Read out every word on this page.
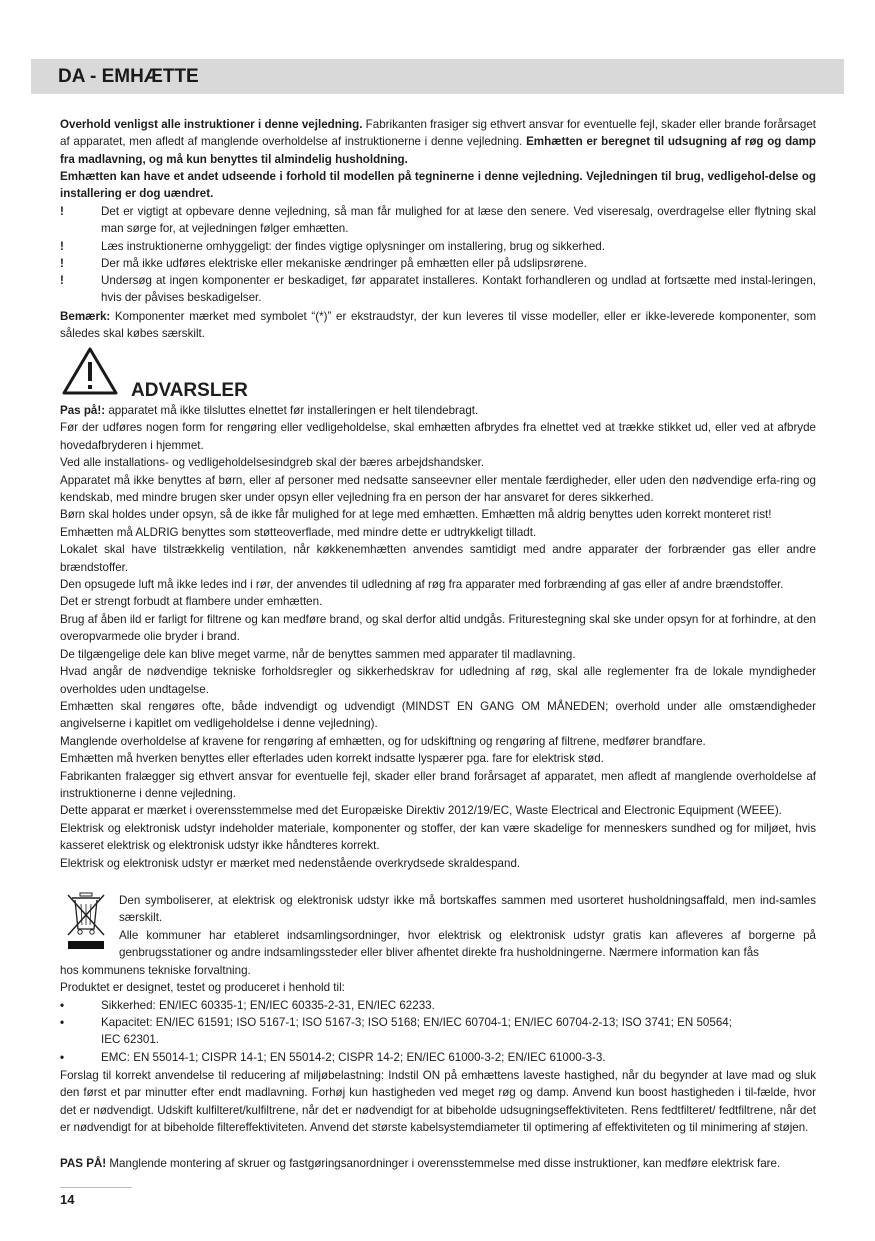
DA - EMHÆTTE

Overhold venligst alle instruktioner i denne vejledning. Fabrikanten frasiger sig ethvert ansvar for eventuelle fejl, skader eller brande forårsaget af apparatet, men afledt af manglende overholdelse af instruktionerne i denne vejledning. Emhætten er beregnet til udsugning af røg og damp fra madlavning, og må kun benyttes til almindelig husholdning.

Emhætten kan have et andet udseende i forhold til modellen på tegninerne i denne vejledning. Vejledningen til brug, vedligehol-delse og installering er dog uændret.

!	Det er vigtigt at opbevare denne vejledning, så man får mulighed for at læse den senere. Ved viseresalg, overdragelse eller flytning skal man sørge for, at vejledningen følger emhætten.
!	Læs instruktionerne omhyggeligt: der findes vigtige oplysninger om installering, brug og sikkerhed.
!	Der må ikke udføres elektriske eller mekaniske ændringer på emhætten eller på udslipsrørene.
!	Undersøg at ingen komponenter er beskadiget, før apparatet installeres. Kontakt forhandleren og undlad at fortsætte med instal-leringen, hvis der påvises beskadigelser.

Bemærk: Komponenter mærket med symbolet “(*)” er ekstraudstyr, der kun leveres til visse modeller, eller er ikke-leverede komponenter, som således skal købes særskilt.

ADVARSLER
Pas på!: apparatet må ikke tilsluttes elnettet før installeringen er helt tilendebragt.
Før der udføres nogen form for rengøring eller vedligeholdelse, skal emhætten afbrydes fra elnettet ved at trække stikket ud, eller ved at afbryde hovedafbryderen i hjemmet.
Ved alle installations- og vedligeholdelsesindgreb skal der bæres arbejdshandsker.
Apparatet må ikke benyttes af børn, eller af personer med nedsatte sanseevner eller mentale færdigheder, eller uden den nødvendige erfa-ring og kendskab, med mindre brugen sker under opsyn eller vejledning fra en person der har ansvaret for deres sikkerhed.
Børn skal holdes under opsyn, så de ikke får mulighed for at lege med emhætten. Emhætten må aldrig benyttes uden korrekt monteret rist!
Emhætten må ALDRIG benyttes som støtteoverflade, med mindre dette er udtrykkeligt tilladt.
Lokalet skal have tilstrækkelig ventilation, når køkkenemhætten anvendes samtidigt med andre apparater der forbrænder gas eller andre brændstoffer.
Den opsugede luft må ikke ledes ind i rør, der anvendes til udledning af røg fra apparater med forbrænding af gas eller af andre brændstoffer.
Det er strengt forbudt at flambere under emhætten.
Brug af åben ild er farligt for filtrene og kan medføre brand, og skal derfor altid undgås. Friturestegning skal ske under opsyn for at forhindre, at den overopvarmede olie bryder i brand.
De tilgængelige dele kan blive meget varme, når de benyttes sammen med apparater til madlavning.
Hvad angår de nødvendige tekniske forholdsregler og sikkerhedskrav for udledning af røg, skal alle reglementer fra de lokale myndigheder overholdes uden undtagelse.
Emhætten skal rengøres ofte, både indvendigt og udvendigt (MINDST EN GANG OM MÅNEDEN; overhold under alle omstændigheder angivelserne i kapitlet om vedligeholdelse i denne vejledning).
Manglende overholdelse af kravene for rengøring af emhætten, og for udskiftning og rengøring af filtrene, medfører brandfare.
Emhætten må hverken benyttes eller efterlades uden korrekt indsatte lyspærer pga. fare for elektrisk stød.
Fabrikanten fralægger sig ethvert ansvar for eventuelle fejl, skader eller brand forårsaget af apparatet, men afledt af manglende overholdelse af instruktionerne i denne vejledning.
Dette apparat er mærket i overensstemmelse med det Europæiske Direktiv 2012/19/EC, Waste Electrical and Electronic Equipment (WEEE).
Elektrisk og elektronisk udstyr indeholder materiale, komponenter og stoffer, der kan være skadelige for menneskers sundhed og for miljøet, hvis kasseret elektrisk og elektronisk udstyr ikke håndteres korrekt.
Elektrisk og elektronisk udstyr er mærket med nedenstående overkrydsede skraldespand.
Den symboliserer, at elektrisk og elektronisk udstyr ikke må bortskaffes sammen med usorteret husholdningsaffald, men ind-samles særskilt.
Alle kommuner har etableret indsamlingsordninger, hvor elektrisk og elektronisk udstyr gratis kan afleveres af borgerne på genbrugsstationer og andre indsamlingssteder eller bliver afhentet direkte fra husholdningerne. Nærmere information kan fås
hos kommunens tekniske forvaltning.
Produktet er designet, testet og produceret i henhold til:
•	Sikkerhed: EN/IEC 60335-1; EN/IEC 60335-2-31, EN/IEC 62233.
•	Kapacitet: EN/IEC 61591; ISO 5167-1; ISO 5167-3; ISO 5168; EN/IEC 60704-1; EN/IEC 60704-2-13; ISO 3741; EN 50564;
IEC 62301.
•	EMC: EN 55014-1; CISPR 14-1; EN 55014-2; CISPR 14-2; EN/IEC 61000-3-2; EN/IEC 61000-3-3.

Forslag til korrekt anvendelse til reducering af miljøbelastning: Indstil ON på emhættens laveste hastighed, når du begynder at lave mad og sluk den først et par minutter efter endt madlavning. Forhøj kun hastigheden ved meget røg og damp. Anvend kun boost hastigheden i til-fælde, hvor det er nødvendigt. Udskift kulfilteret/kulfiltrene, når det er nødvendigt for at bibeholde udsugningseffektiviteten. Rens fedtfilteret/ fedtfiltrene, når det er nødvendigt for at bibeholde filtereffektiviteten. Anvend det største kabelsystemdiameter til optimering af effektiviteten og til minimering af støjen.

PAS PÅ! Manglende montering af skruer og fastgøringsanordninger i overensstemmelse med disse instruktioner, kan medføre elektrisk fare.

14
